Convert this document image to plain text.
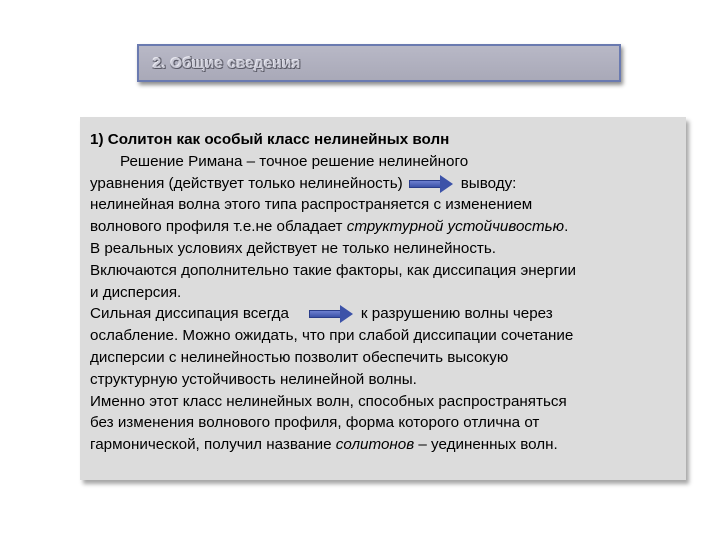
2. Общие сведения
1) Солитон как особый класс нелинейных волн
Решение Римана – точное решение нелинейного
уравнения (действует только нелинейность)	выводу:
нелинейная волна этого типа распространяется с изменением
волнового профиля т.е.не обладает структурной устойчивостью.
В реальных условиях действует не только нелинейность.
Включаются дополнительно такие факторы, как диссипация энергии
и дисперсия.
Сильная диссипация всегда	к разрушению волны через
ослабление. Можно ожидать, что при слабой диссипации сочетание
дисперсии с нелинейностью позволит обеспечить высокую
структурную устойчивость нелинейной волны.
Именно этот класс нелинейных волн, способных распространяться
без изменения волнового профиля, форма которого отлична от
гармонической, получил название солитонов – уединенных волн.
